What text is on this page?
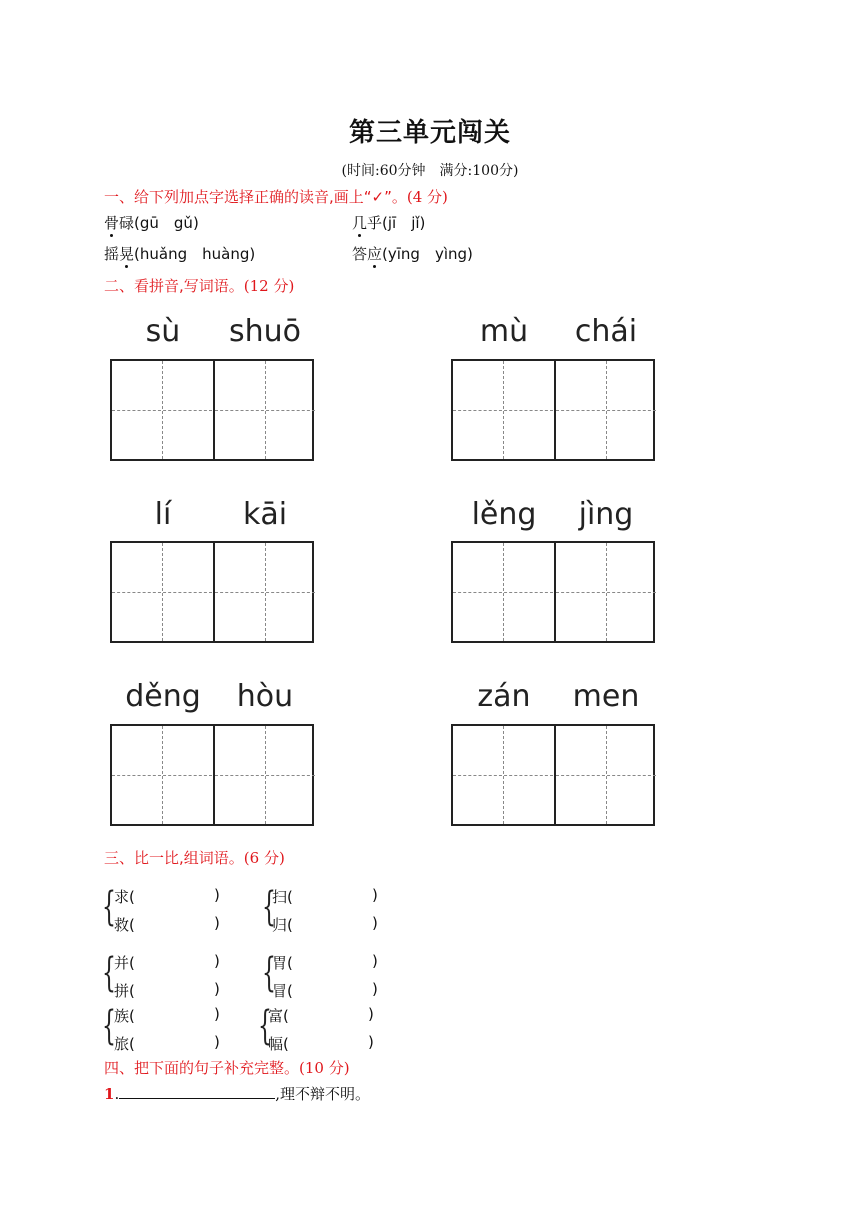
第三单元闯关
(时间:60分钟　满分:100分)
一、给下列加点字选择正确的读音,画上“✓”。(4 分)
骨碌(gū　gǔ)	几乎(jī　jǐ)
摇晃(huǎng　huàng)	答应(yīng　yìng)
二、看拼音,写词语。(12 分)
sù	shuō	mù	chái
lí	kāi	lěng	jìng
děng	hòu	zán	men
三、比一比,组词语。(6 分)
{
求(	)
救(	) {
扫(	)
归(	)
{
并(	)
拼(	) {
胃(	)
冒(	)
{
族(	)
旅(	) {
富(	)
幅(	)
四、把下面的句子补充完整。(10 分)
1.	,理不辩不明。
